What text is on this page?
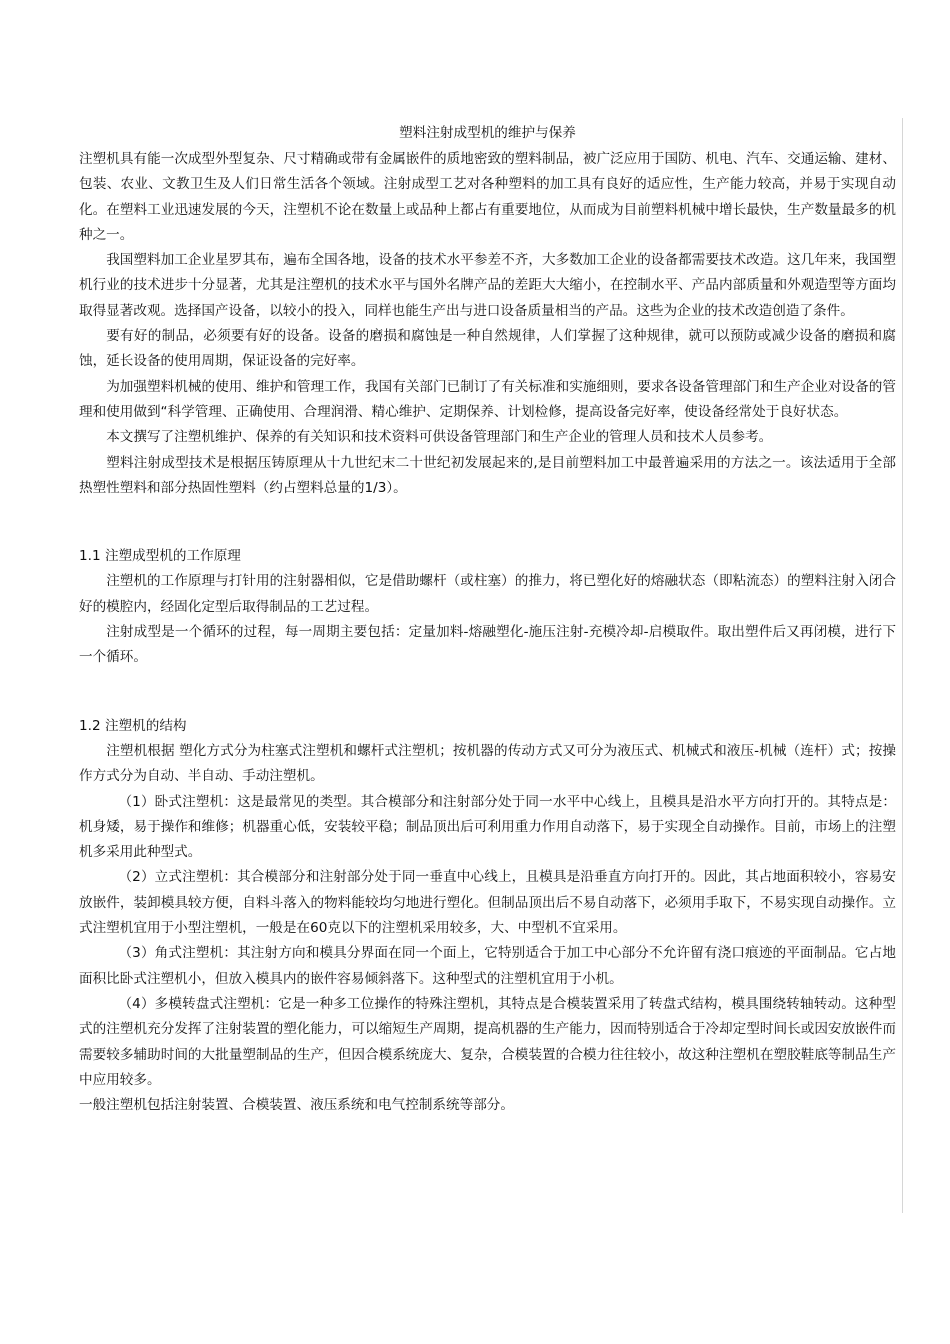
塑料注射成型机的维护与保养

注塑机具有能一次成型外型复杂、尺寸精确或带有金属嵌件的质地密致的塑料制品，被广泛应用于国防、机电、汽车、交通运输、建材、包装、农业、文教卫生及人们日常生活各个领域。注射成型工艺对各种塑料的加工具有良好的适应性，生产能力较高，并易于实现自动化。在塑料工业迅速发展的今天，注塑机不论在数量上或品种上都占有重要地位，从而成为目前塑料机械中增长最快，生产数量最多的机种之一。

我国塑料加工企业星罗其布，遍布全国各地，设备的技术水平参差不齐，大多数加工企业的设备都需要技术改造。这几年来，我国塑机行业的技术进步十分显著，尤其是注塑机的技术水平与国外名牌产品的差距大大缩小，在控制水平、产品内部质量和外观造型等方面均取得显著改观。选择国产设备，以较小的投入，同样也能生产出与进口设备质量相当的产品。这些为企业的技术改造创造了条件。

要有好的制品，必须要有好的设备。设备的磨损和腐蚀是一种自然规律，人们掌握了这种规律，就可以预防或减少设备的磨损和腐蚀，延长设备的使用周期，保证设备的完好率。

为加强塑料机械的使用、维护和管理工作，我国有关部门已制订了有关标准和实施细则，要求各设备管理部门和生产企业对设备的管理和使用做到“科学管理、正确使用、合理润滑、精心维护、定期保养、计划检修，提高设备完好率，使设备经常处于良好状态。

本文撰写了注塑机维护、保养的有关知识和技术资料可供设备管理部门和生产企业的管理人员和技术人员参考。

塑料注射成型技术是根据压铸原理从十九世纪末二十世纪初发展起来的,是目前塑料加工中最普遍采用的方法之一。该法适用于全部热塑性塑料和部分热固性塑料（约占塑料总量的1/3）。

1.1 注塑成型机的工作原理

注塑机的工作原理与打针用的注射器相似，它是借助螺杆（或柱塞）的推力，将已塑化好的熔融状态（即粘流态）的塑料注射入闭合好的模腔内，经固化定型后取得制品的工艺过程。

注射成型是一个循环的过程，每一周期主要包括：定量加料-熔融塑化-施压注射-充模冷却-启模取件。取出塑件后又再闭模，进行下一个循环。

1.2 注塑机的结构

注塑机根据 塑化方式分为柱塞式注塑机和螺杆式注塑机；按机器的传动方式又可分为液压式、机械式和液压-机械（连杆）式；按操作方式分为自动、半自动、手动注塑机。

（1）卧式注塑机：这是最常见的类型。其合模部分和注射部分处于同一水平中心线上，且模具是沿水平方向打开的。其特点是：机身矮，易于操作和维修；机器重心低，安装较平稳；制品顶出后可利用重力作用自动落下，易于实现全自动操作。目前，市场上的注塑机多采用此种型式。

（2）立式注塑机：其合模部分和注射部分处于同一垂直中心线上，且模具是沿垂直方向打开的。因此，其占地面积较小，容易安放嵌件，装卸模具较方便，自料斗落入的物料能较均匀地进行塑化。但制品顶出后不易自动落下，必须用手取下，不易实现自动操作。立式注塑机宜用于小型注塑机，一般是在60克以下的注塑机采用较多，大、中型机不宜采用。

（3）角式注塑机：其注射方向和模具分界面在同一个面上，它特别适合于加工中心部分不允许留有浇口痕迹的平面制品。它占地面积比卧式注塑机小，但放入模具内的嵌件容易倾斜落下。这种型式的注塑机宜用于小机。

（4）多模转盘式注塑机：它是一种多工位操作的特殊注塑机，其特点是合模装置采用了转盘式结构，模具围绕转轴转动。这种型式的注塑机充分发挥了注射装置的塑化能力，可以缩短生产周期，提高机器的生产能力，因而特别适合于冷却定型时间长或因安放嵌件而需要较多辅助时间的大批量塑制品的生产，但因合模系统庞大、复杂，合模装置的合模力往往较小，故这种注塑机在塑胶鞋底等制品生产中应用较多。

一般注塑机包括注射装置、合模装置、液压系统和电气控制系统等部分。
